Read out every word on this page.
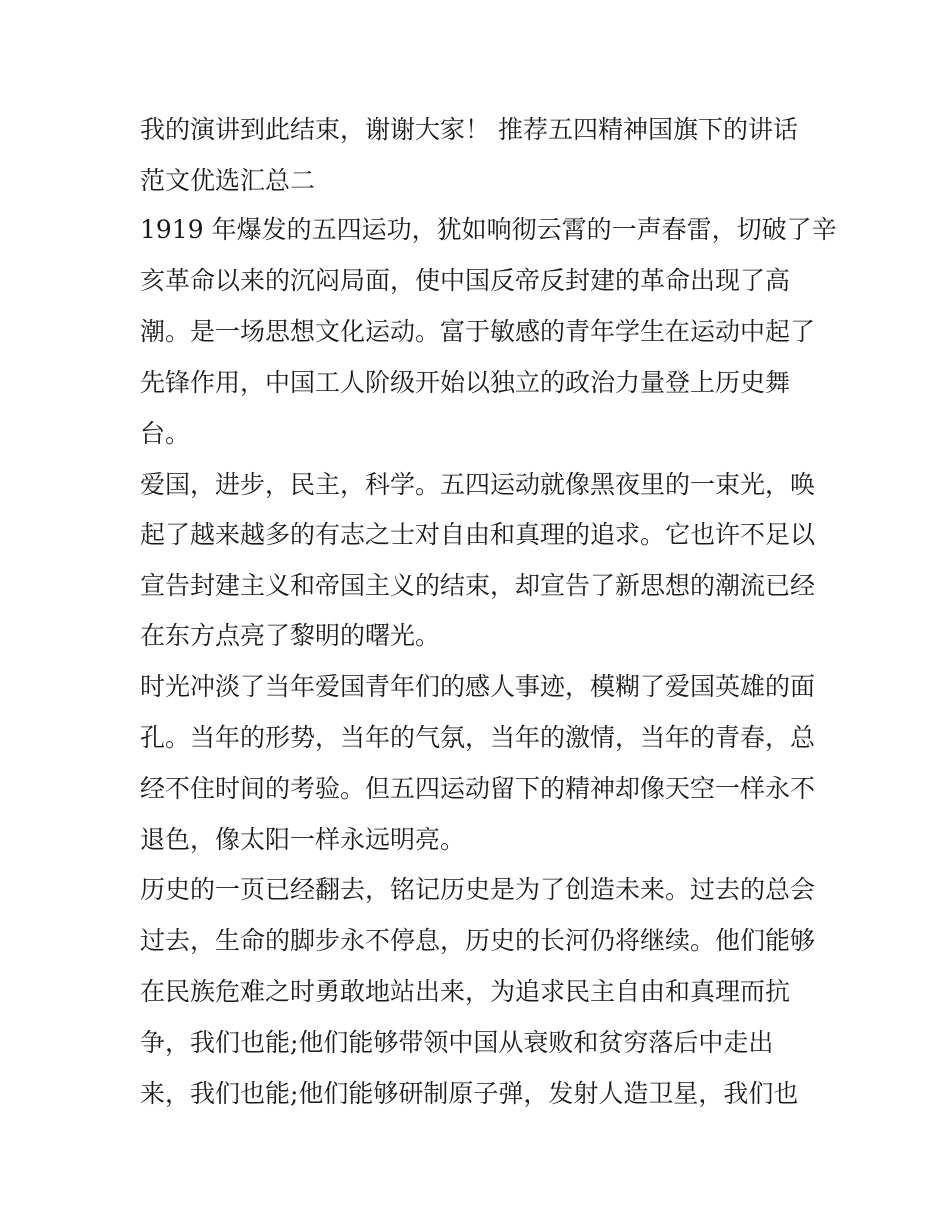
我的演讲到此结束，谢谢大家！ 推荐五四精神国旗下的讲话
范文优选汇总二
1919 年爆发的五四运功，犹如响彻云霄的一声春雷，切破了辛
亥革命以来的沉闷局面，使中国反帝反封建的革命出现了高
潮。是一场思想文化运动。富于敏感的青年学生在运动中起了
先锋作用，中国工人阶级开始以独立的政治力量登上历史舞
台。
爱国，进步，民主，科学。五四运动就像黑夜里的一束光，唤
起了越来越多的有志之士对自由和真理的追求。它也许不足以
宣告封建主义和帝国主义的结束，却宣告了新思想的潮流已经
在东方点亮了黎明的曙光。
时光冲淡了当年爱国青年们的感人事迹，模糊了爱国英雄的面
孔。当年的形势，当年的气氛，当年的激情，当年的青春，总
经不住时间的考验。但五四运动留下的精神却像天空一样永不
退色，像太阳一样永远明亮。
历史的一页已经翻去，铭记历史是为了创造未来。过去的总会
过去，生命的脚步永不停息，历史的长河仍将继续。他们能够
在民族危难之时勇敢地站出来，为追求民主自由和真理而抗
争，我们也能;他们能够带领中国从衰败和贫穷落后中走出
来，我们也能;他们能够研制原子弹，发射人造卫星，我们也
